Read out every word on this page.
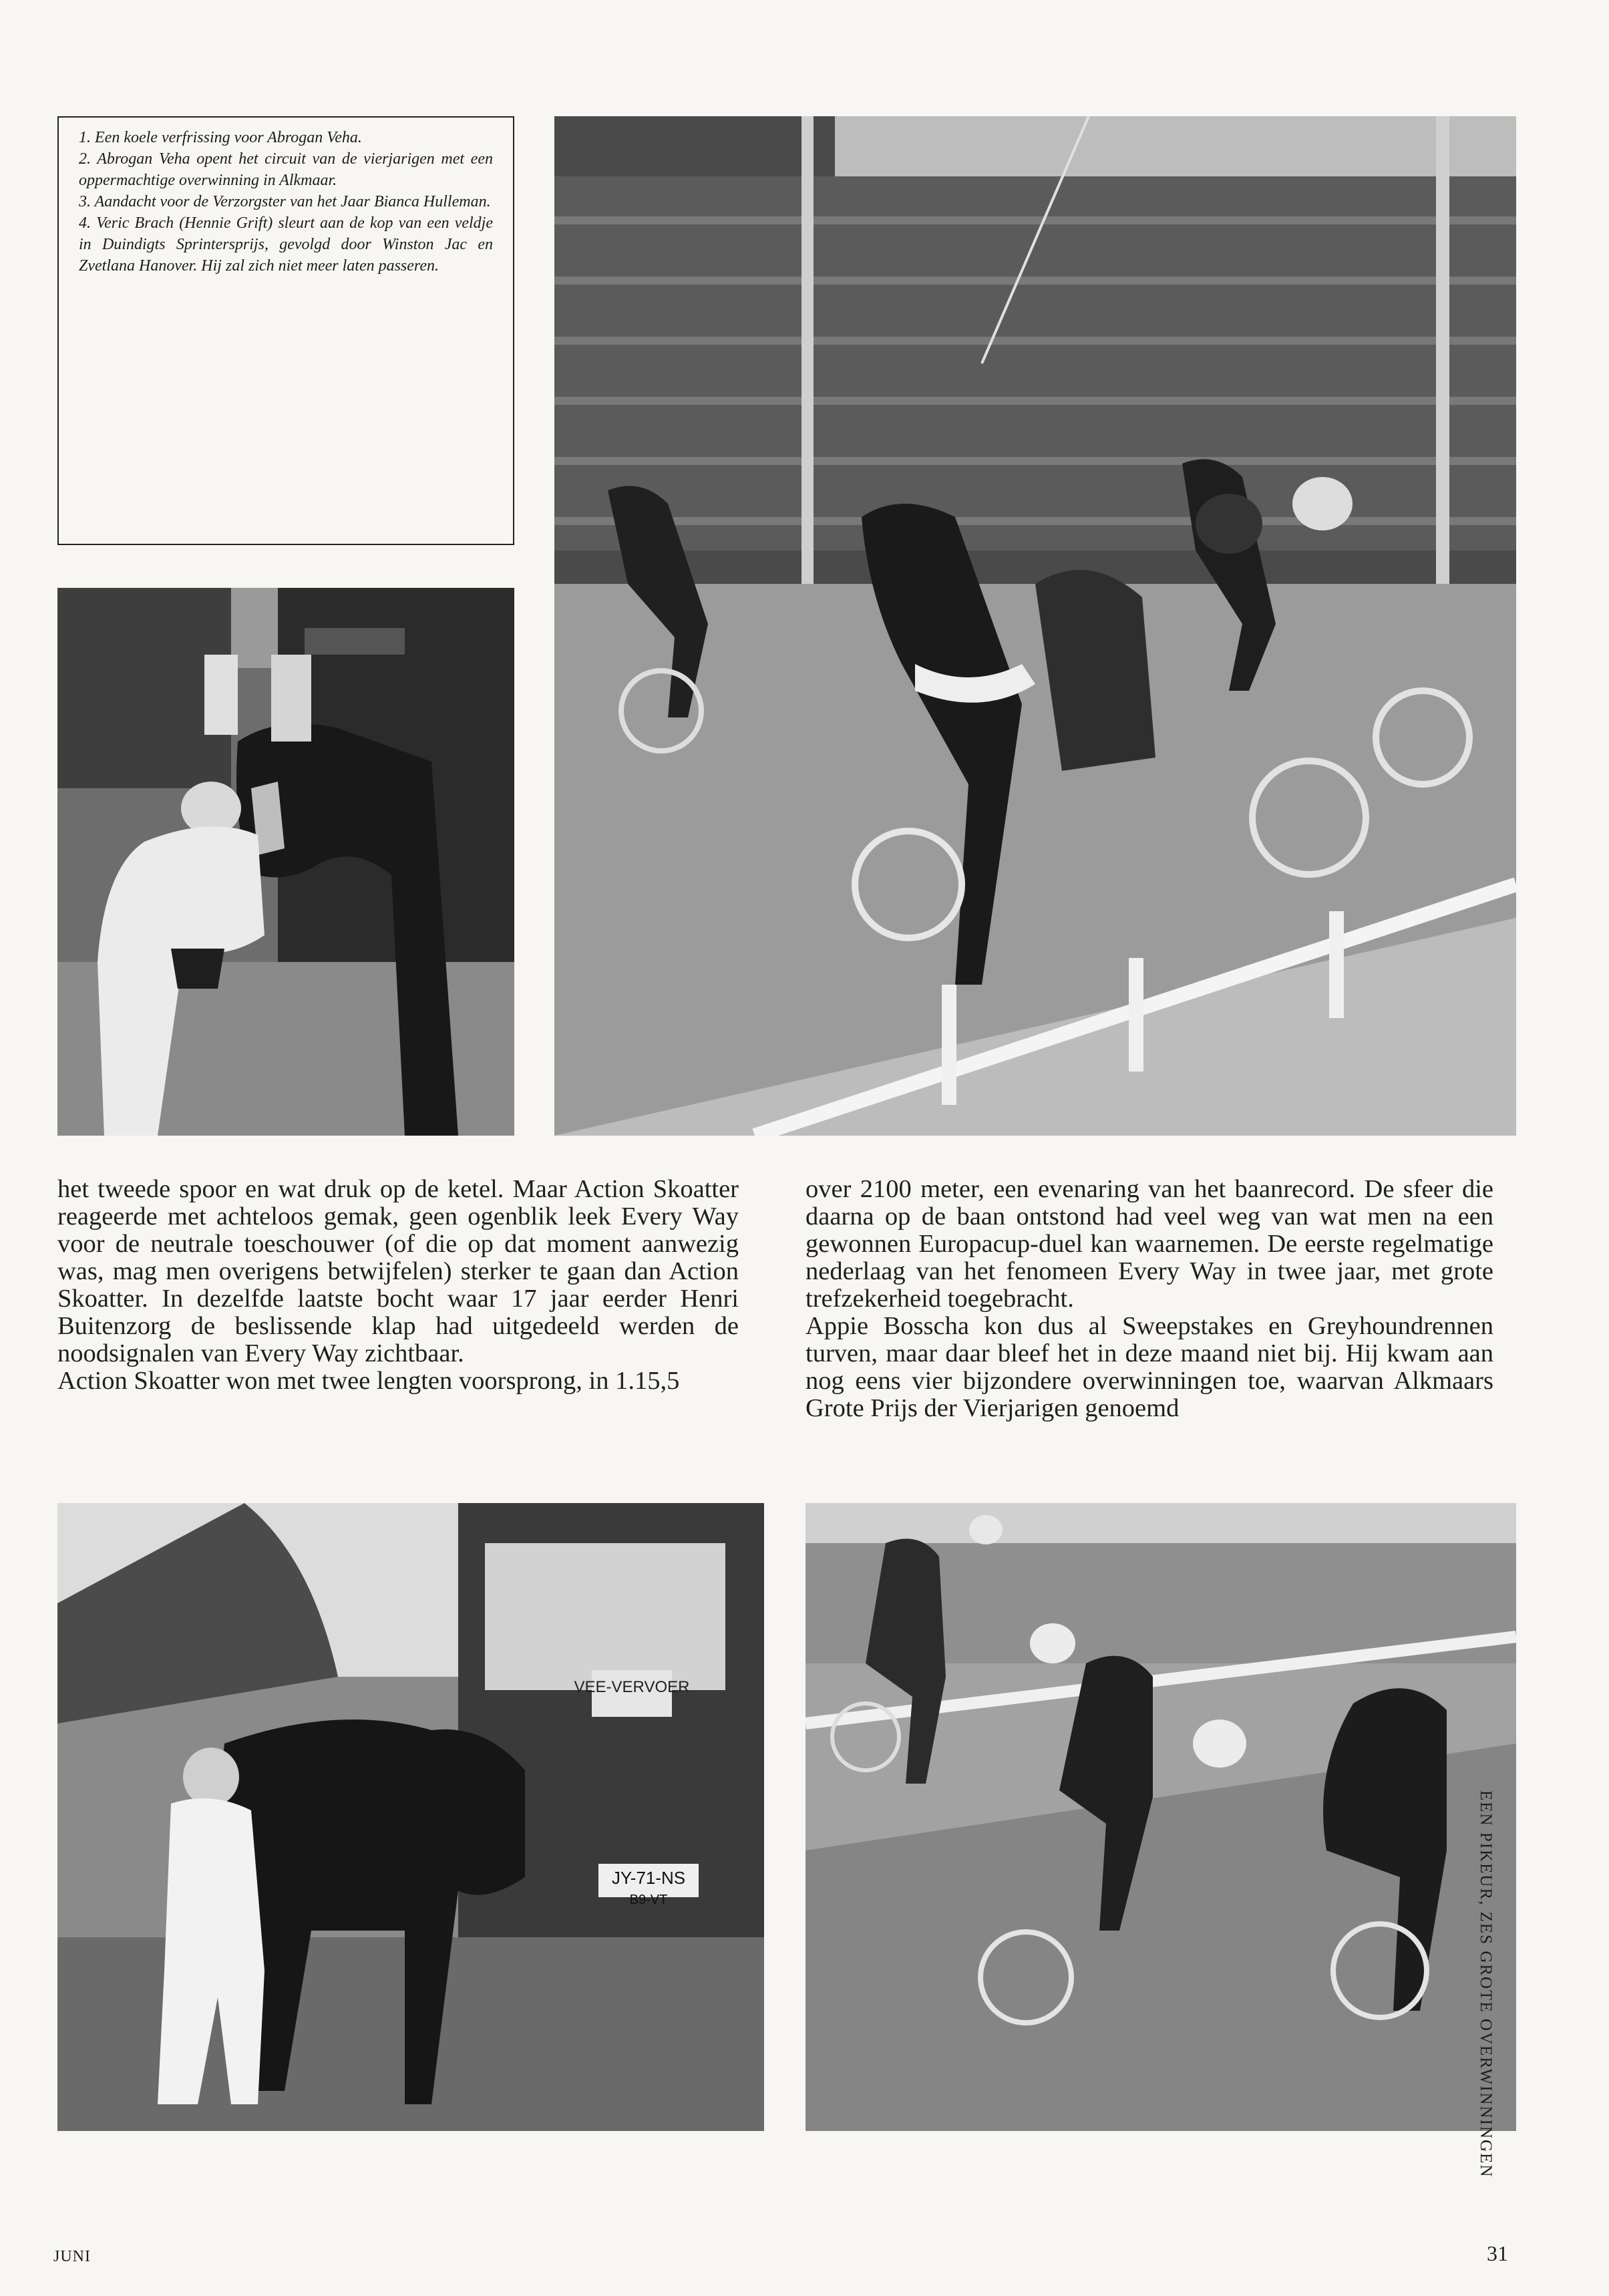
1. Een koele verfrissing voor Abrogan Veha.

2. Abrogan Veha opent het circuit van de vierjarigen met een oppermachtige overwinning in Alkmaar.

3. Aandacht voor de Verzorgster van het Jaar Bianca Hulleman.

4. Veric Brach (Hennie Grift) sleurt aan de kop van een veldje in Duindigts Sprintersprijs, gevolgd door Winston Jac en Zvetlana Hanover. Hij zal zich niet meer laten passeren.

het tweede spoor en wat druk op de ketel. Maar Action Skoatter reageerde met achteloos gemak, geen ogenblik leek Every Way voor de neutrale toeschouwer (of die op dat moment aanwezig was, mag men overigens betwijfelen) sterker te gaan dan Action Skoatter. In dezelfde laatste bocht waar 17 jaar eerder Henri Buitenzorg de beslissende klap had uitgedeeld werden de noodsignalen van Every Way zichtbaar.

Action Skoatter won met twee lengten voorsprong, in 1.15,5

over 2100 meter, een evenaring van het baanrecord. De sfeer die daarna op de baan ontstond had veel weg van wat men na een gewonnen Europacup-duel kan waarnemen. De eerste regelmatige nederlaag van het fenomeen Every Way in twee jaar, met grote trefzekerheid toegebracht.

Appie Bosscha kon dus al Sweepstakes en Greyhoundrennen turven, maar daar bleef het in deze maand niet bij. Hij kwam aan nog eens vier bijzondere overwinningen toe, waarvan Alkmaars Grote Prijs der Vierjarigen genoemd

VEE-VERVOER
JY-71-NS
B9-VT	EEN PIKEUR, ZES GROTE OVERWINNINGEN
JUNI	31
